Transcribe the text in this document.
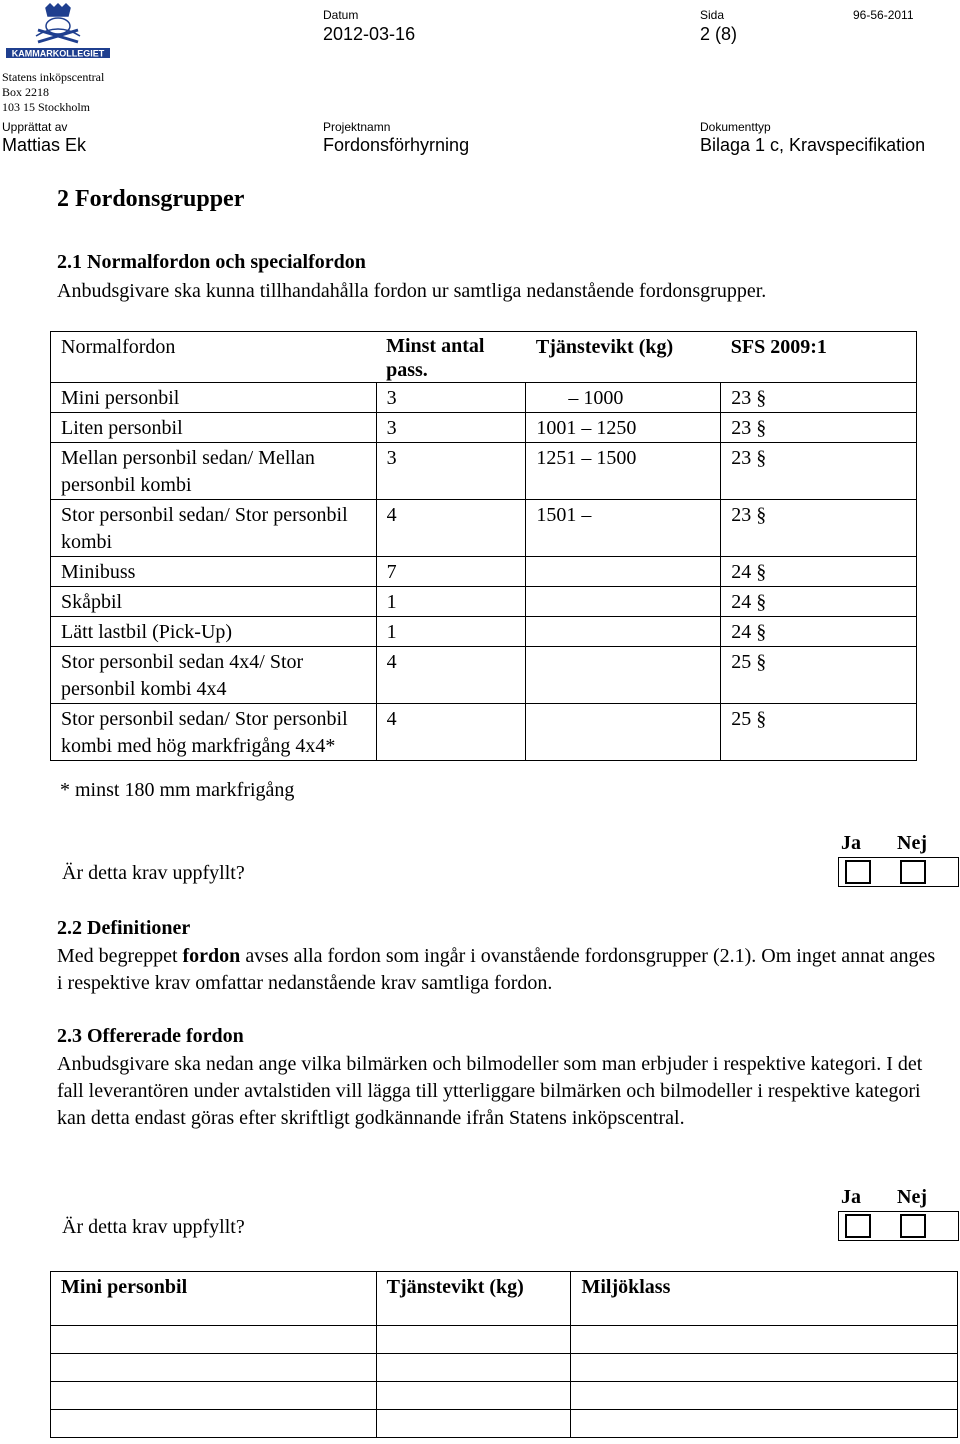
KAMMARKOLLEGIET
Statens inköpscentral
Box 2218
103 15 Stockholm
Datum
2012-03-16
Sida
2 (8)
96-56-2011
Upprättat av
Mattias Ek
Projektnamn
Fordonsförhyrning
Dokumenttyp
Bilaga 1 c, Kravspecifikation
2 Fordonsgrupper
2.1 Normalfordon och specialfordon
Anbudsgivare ska kunna tillhandahålla fordon ur samtliga nedanstående fordonsgrupper.
Normalfordon	Minst antal pass.	Tjänstevikt (kg)	SFS 2009:1
Mini personbil	3	– 1000	23 §
Liten personbil	3	1001 – 1250	23 §
Mellan personbil sedan/ Mellan personbil kombi	3	1251 – 1500	23 §
Stor personbil sedan/ Stor personbil kombi	4	1501 –	23 §
Minibuss	7		24 §
Skåpbil	1		24 §
Lätt lastbil (Pick-Up)	1		24 §
Stor personbil sedan 4x4/ Stor personbil kombi 4x4	4		25 §
Stor personbil sedan/ Stor personbil kombi med hög markfrigång 4x4*	4		25 §
* minst 180 mm markfrigång
Är detta krav uppfyllt?
Ja Nej
2.2 Definitioner
Med begreppet fordon avses alla fordon som ingår i ovanstående fordonsgrupper (2.1). Om inget annat anges i respektive krav omfattar nedanstående krav samtliga fordon.
2.3 Offererade fordon
Anbudsgivare ska nedan ange vilka bilmärken och bilmodeller som man erbjuder i respektive kategori. I det fall leverantören under avtalstiden vill lägga till ytterliggare bilmärken och bilmodeller i respektive kategori kan detta endast göras efter skriftligt godkännande ifrån Statens inköpscentral.
Är detta krav uppfyllt?
Ja Nej
Mini personbil	Tjänstevikt (kg)	Miljöklass
